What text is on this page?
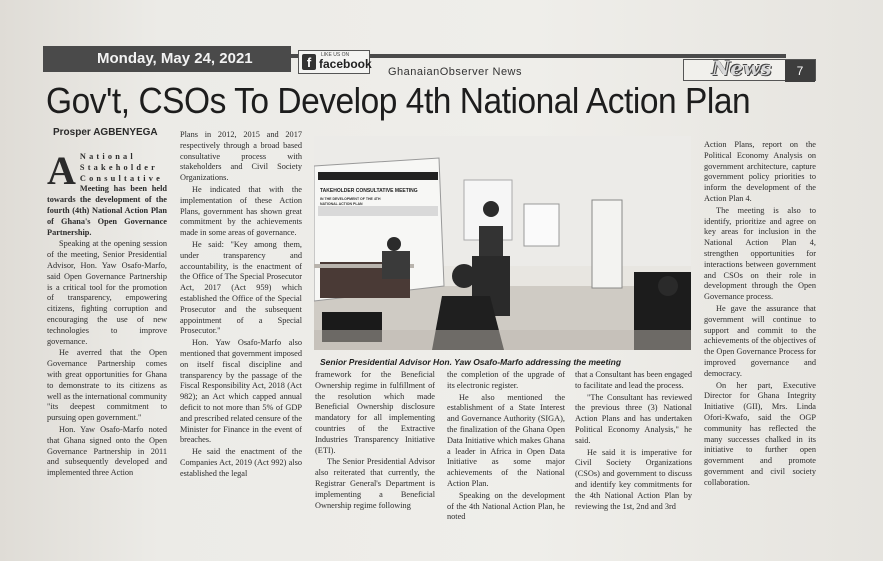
Monday, May 24, 2021	f	LIKE US ON
facebook
GhanaianObserver News	News	7
Gov't, CSOs To Develop 4th National Action Plan
Prosper AGBENYEGA

A National
Stakeholder
Consultative Meeting has been held towards the development of the fourth (4th) National Action Plan of Ghana's Open Governance Partnership.

Speaking at the opening session of the meeting, Senior Presidential Advisor, Hon. Yaw Osafo-Marfo, said Open Governance Partnership is a critical tool for the promotion of transparency, empowering citizens, fighting corruption and encouraging the use of new technologies to improve governance.

He averred that the Open Governance Partnership comes with great opportunities for Ghana to demonstrate to its citizens as well as the international community "its deepest commitment to pursuing open government."

Hon. Yaw Osafo-Marfo noted that Ghana signed onto the Open Governance Partnership in 2011 and subsequently developed and implemented three Action

Plans in 2012, 2015 and 2017 respectively through a broad based consultative process with stakeholders and Civil Society Organizations.

He indicated that with the implementation of these Action Plans, government has shown great commitment by the achievements made in some areas of governance.

He said: "Key among them, under transparency and accountability, is the enactment of the Office of The Special Prosecutor Act, 2017 (Act 959) which established the Office of the Special Prosecutor and the subsequent appointment of a Special Prosecutor."

Hon. Yaw Osafo-Marfo also mentioned that government imposed on itself fiscal discipline and transparency by the passage of the Fiscal Responsibility Act, 2018 (Act 982); an Act which capped annual deficit to not more than 5% of GDP and prescribed related censure of the Minister for Finance in the event of breaches.

He said the enactment of the Companies Act, 2019 (Act 992) also established the legal

TAKEHOLDER CONSULTATIVE MEETING
IN THE DEVELOPMENT OF THE 4TH
NATIONAL ACTION PLAN
Senior Presidential Advisor Hon. Yaw Osafo-Marfo addressing the meeting

framework for the Beneficial Ownership regime in fulfillment of the resolution which made Beneficial Ownership disclosure mandatory for all implementing countries of the Extractive Industries Transparency Initiative (ETI).

The Senior Presidential Advisor also reiterated that currently, the Registrar General's Department is implementing a Beneficial Ownership regime following

the completion of the upgrade of its electronic register.

He also mentioned the establishment of a State Interest and Governance Authority (SIGA), the finalization of the Ghana Open Data Initiative which makes Ghana a leader in Africa in Open Data Initiative as some major achievements of the National Action Plan.

Speaking on the development of the 4th National Action Plan, he noted

that a Consultant has been engaged to facilitate and lead the process.

"The Consultant has reviewed the previous three (3) National Action Plans and has undertaken Political Economy Analysis," he said.

He said it is imperative for Civil Society Organizations (CSOs) and government to discuss and identify key commitments for the 4th National Action Plan by reviewing the 1st, 2nd and 3rd

Action Plans, report on the Political Economy Analysis on government architecture, capture government policy priorities to inform the development of the Action Plan 4.

The meeting is also to identify, prioritize and agree on key areas for inclusion in the National Action Plan 4, strengthen opportunities for interactions between government and CSOs on their role in development through the Open Governance process.

He gave the assurance that government will continue to support and commit to the achievements of the objectives of the Open Governance Process for improved governance and democracy.

On her part, Executive Director for Ghana Integrity Initiative (GII), Mrs. Linda Ofori-Kwafo, said the OGP community has reflected the many successes chalked in its initiative to further open government and promote government and civil society collaboration.
